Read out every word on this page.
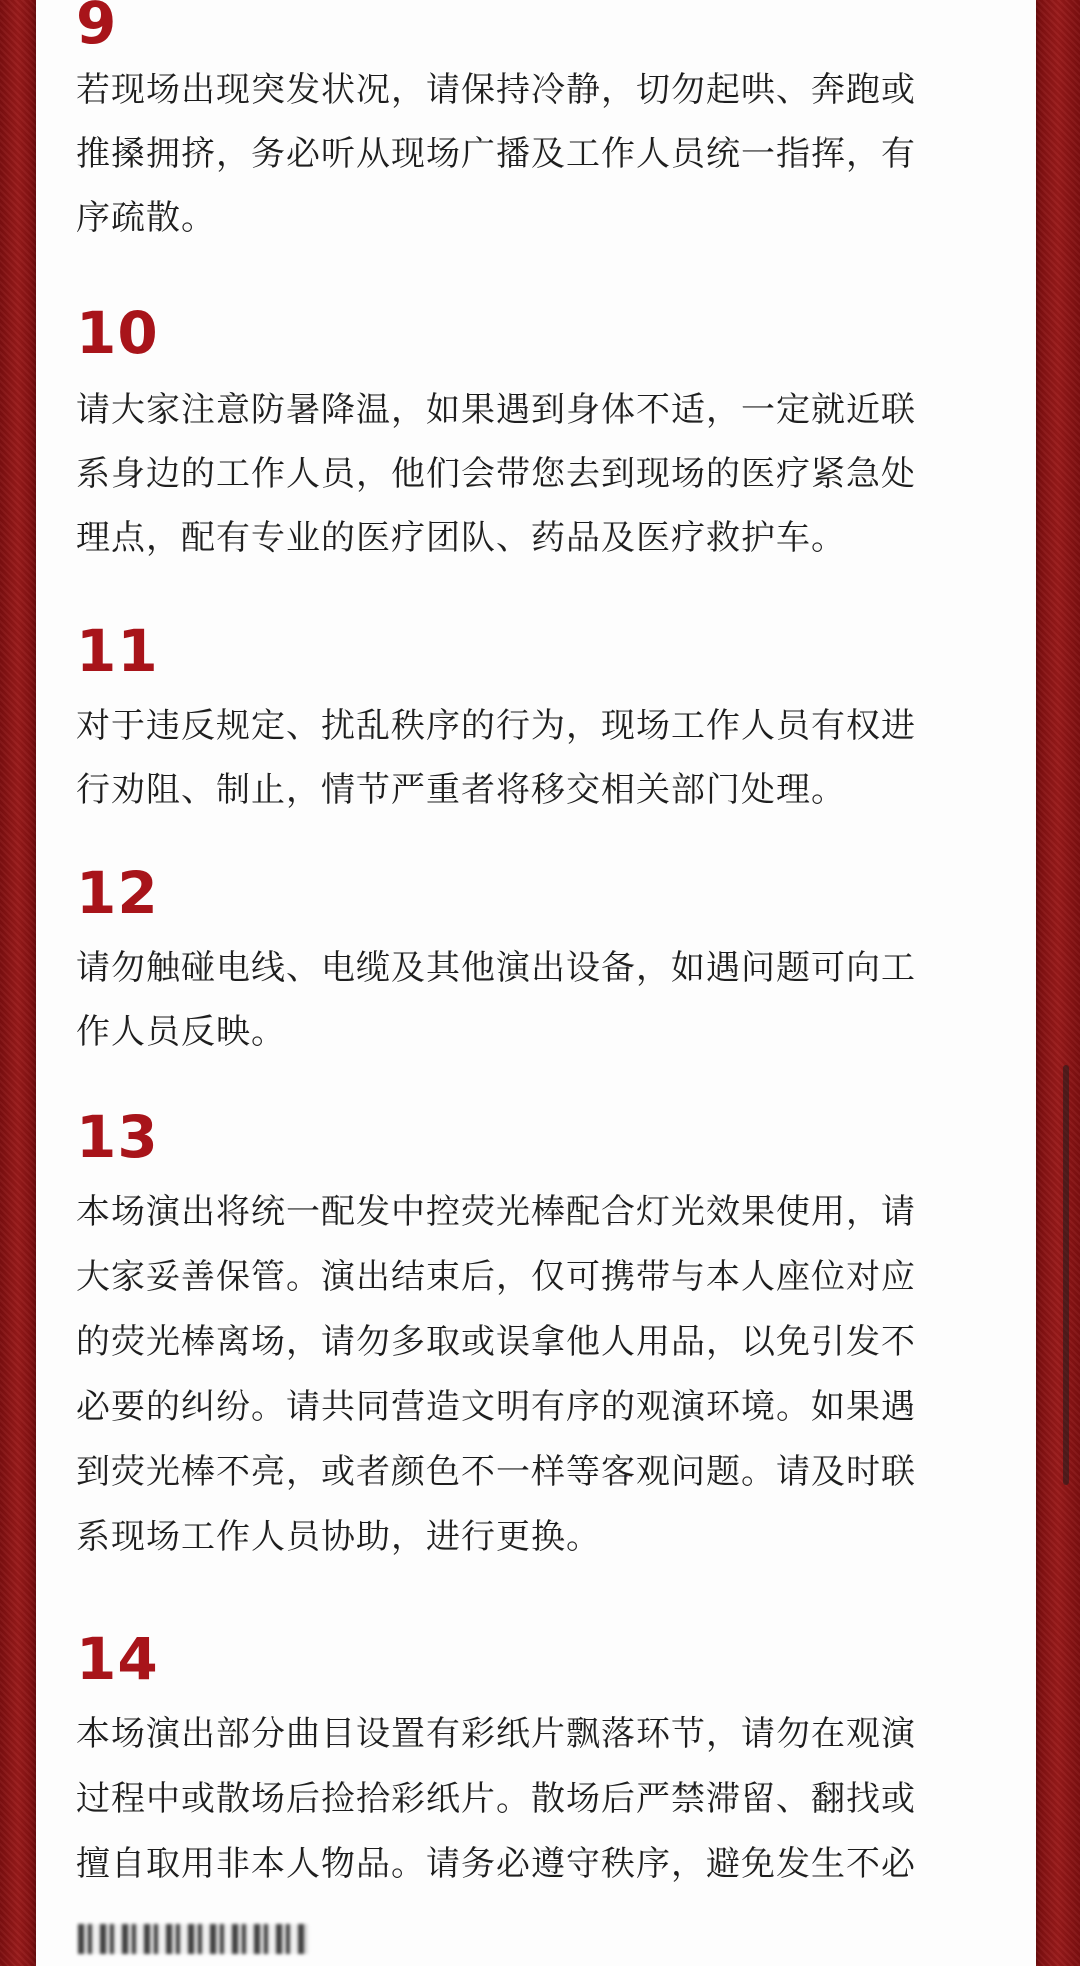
9

若现场出现突发状况，请保持冷静，切勿起哄、奔跑或

推搡拥挤，务必听从现场广播及工作人员统一指挥，有

序疏散。

10

请大家注意防暑降温，如果遇到身体不适，一定就近联

系身边的工作人员，他们会带您去到现场的医疗紧急处

理点，配有专业的医疗团队、药品及医疗救护车。

11

对于违反规定、扰乱秩序的行为，现场工作人员有权进

行劝阻、制止，情节严重者将移交相关部门处理。

12

请勿触碰电线、电缆及其他演出设备，如遇问题可向工

作人员反映。

13

本场演出将统一配发中控荧光棒配合灯光效果使用，请

大家妥善保管。演出结束后，仅可携带与本人座位对应

的荧光棒离场，请勿多取或误拿他人用品，以免引发不

必要的纠纷。请共同营造文明有序的观演环境。如果遇

到荧光棒不亮，或者颜色不一样等客观问题。请及时联

系现场工作人员协助，进行更换。

14

本场演出部分曲目设置有彩纸片飘落环节，请勿在观演

过程中或散场后捡拾彩纸片。散场后严禁滞留、翻找或

擅自取用非本人物品。请务必遵守秩序，避免发生不必
